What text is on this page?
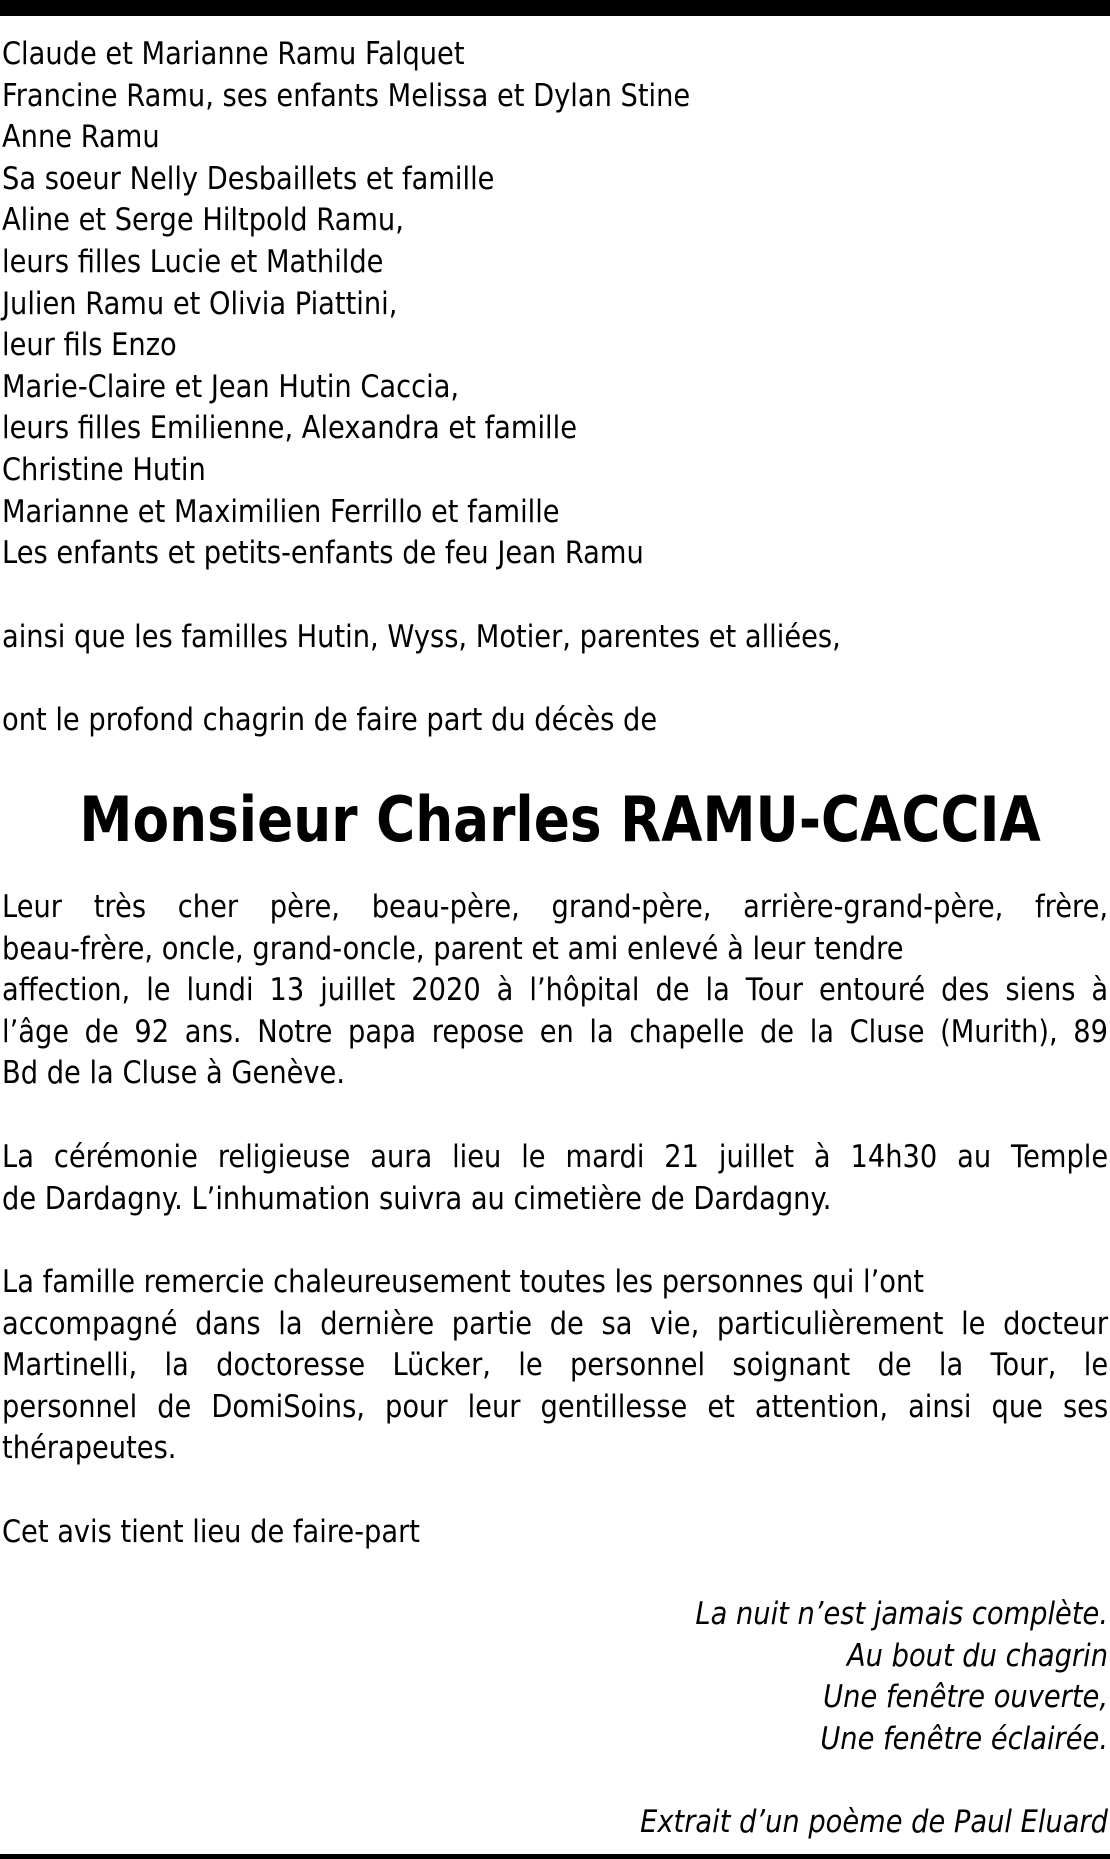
Claude et Marianne Ramu Falquet
Francine Ramu, ses enfants Melissa et Dylan Stine
Anne Ramu
Sa soeur Nelly Desbaillets et famille
Aline et Serge Hiltpold Ramu,
leurs filles Lucie et Mathilde
Julien Ramu et Olivia Piattini,
leur fils Enzo
Marie-Claire et Jean Hutin Caccia,
leurs filles Emilienne, Alexandra et famille
Christine Hutin
Marianne et Maximilien Ferrillo et famille
Les enfants et petits-enfants de feu Jean Ramu
ainsi que les familles Hutin, Wyss, Motier, parentes et alliées,
ont le profond chagrin de faire part du décès de
Monsieur Charles RAMU-CACCIA
Leur très cher père, beau-père, grand-père, arrière-grand-père, frère,
beau-frère, oncle, grand-oncle, parent et ami enlevé à leur tendre
affection, le lundi 13 juillet 2020 à l’hôpital de la Tour entouré des siens à
l’âge de 92 ans. Notre papa repose en la chapelle de la Cluse (Murith), 89
Bd de la Cluse à Genève.
La cérémonie religieuse aura lieu le mardi 21 juillet à 14h30 au Temple
de Dardagny. L’inhumation suivra au cimetière de Dardagny.
La famille remercie chaleureusement toutes les personnes qui l’ont
accompagné dans la dernière partie de sa vie, particulièrement le docteur
Martinelli, la doctoresse Lücker, le personnel soignant de la Tour, le
personnel de DomiSoins, pour leur gentillesse et attention, ainsi que ses
thérapeutes.
Cet avis tient lieu de faire-part
La nuit n’est jamais complète.
Au bout du chagrin
Une fenêtre ouverte,
Une fenêtre éclairée.
Extrait d’un poème de Paul Eluard
